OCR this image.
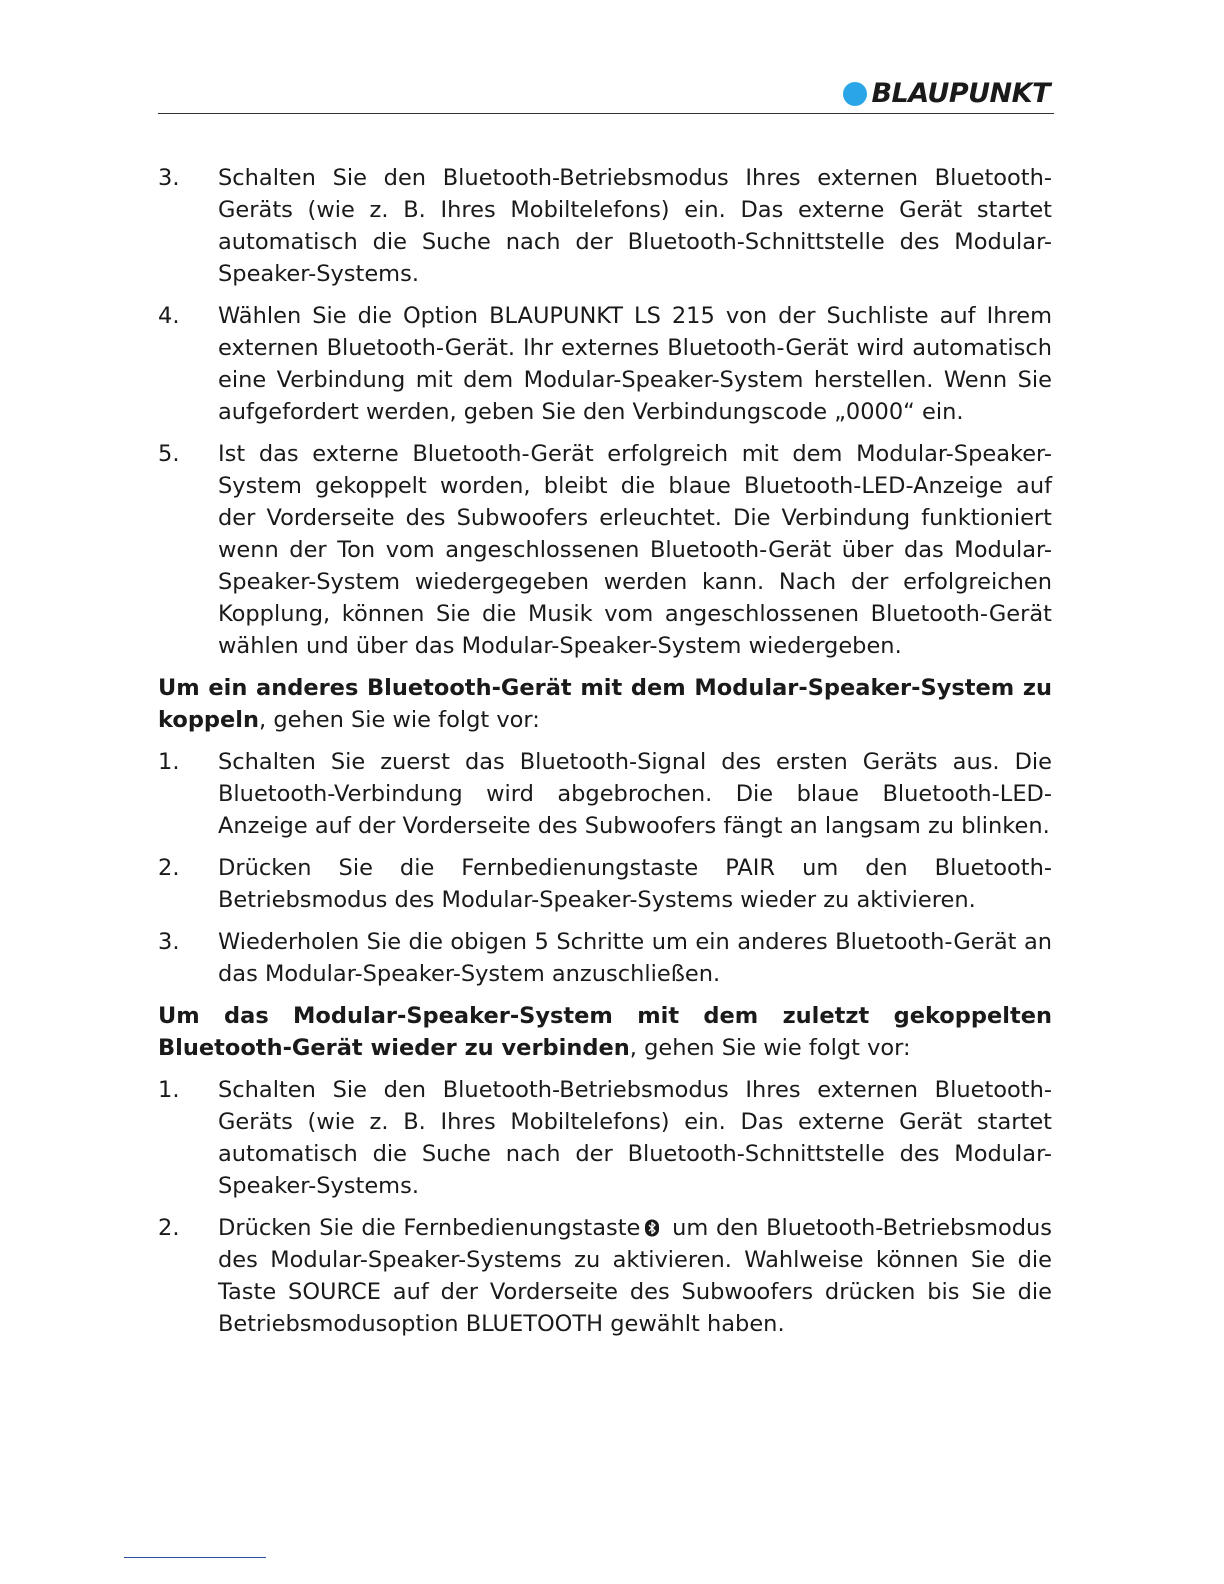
BLAUPUNKT
3.	Schalten Sie den Bluetooth-Betriebsmodus Ihres externen Bluetooth-Geräts (wie z. B. Ihres Mobiltelefons) ein. Das externe Gerät startet automatisch die Suche nach der Bluetooth-Schnittstelle des Modular-Speaker-Systems.
4.	Wählen Sie die Option BLAUPUNKT LS 215 von der Suchliste auf Ihrem externen Bluetooth-Gerät. Ihr externes Bluetooth-Gerät wird automatisch eine Verbindung mit dem Modular-Speaker-System herstellen. Wenn Sie aufgefordert werden, geben Sie den Verbindungscode „0000“ ein.
5.	Ist das externe Bluetooth-Gerät erfolgreich mit dem Modular-Speaker-System gekoppelt worden, bleibt die blaue Bluetooth-LED-Anzeige auf der Vorderseite des Subwoofers erleuchtet. Die Verbindung funktioniert wenn der Ton vom angeschlossenen Bluetooth-Gerät über das Modular-Speaker-System wiedergegeben werden kann. Nach der erfolgreichen Kopplung, können Sie die Musik vom angeschlossenen Bluetooth-Gerät wählen und über das Modular-Speaker-System wiedergeben.
Um ein anderes Bluetooth-Gerät mit dem Modular-Speaker-System zu koppeln, gehen Sie wie folgt vor:
1.	Schalten Sie zuerst das Bluetooth-Signal des ersten Geräts aus. Die Bluetooth-Verbindung wird abgebrochen. Die blaue Bluetooth-LED-Anzeige auf der Vorderseite des Subwoofers fängt an langsam zu blinken.
2.	Drücken Sie die Fernbedienungstaste PAIR um den Bluetooth-Betriebsmodus des Modular-Speaker-Systems wieder zu aktivieren.
3.	Wiederholen Sie die obigen 5 Schritte um ein anderes Bluetooth-Gerät an das Modular-Speaker-System anzuschließen.
Um das Modular-Speaker-System mit dem zuletzt gekoppelten Bluetooth-Gerät wieder zu verbinden, gehen Sie wie folgt vor:
1.	Schalten Sie den Bluetooth-Betriebsmodus Ihres externen Bluetooth-Geräts (wie z. B. Ihres Mobiltelefons) ein. Das externe Gerät startet automatisch die Suche nach der Bluetooth-Schnittstelle des Modular-Speaker-Systems.
2.	Drücken Sie die Fernbedienungstaste um den Bluetooth-Betriebsmodus des Modular-Speaker-Systems zu aktivieren. Wahlweise können Sie die Taste SOURCE auf der Vorderseite des Subwoofers drücken bis Sie die Betriebsmodusoption BLUETOOTH gewählt haben.
